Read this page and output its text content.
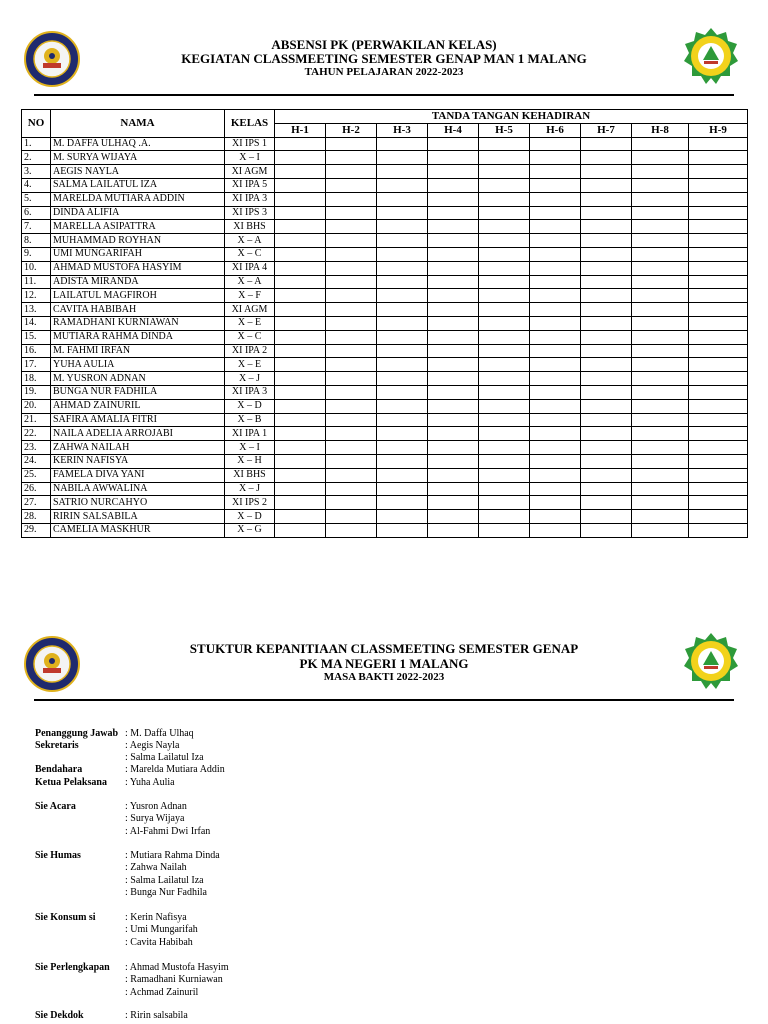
ABSENSI PK (PERWAKILAN KELAS)
KEGIATAN CLASSMEETING SEMESTER GENAP MAN 1 MALANG
TAHUN PELAJARAN 2022-2023
NO	NAMA	KELAS	TANDA TANGAN KEHADIRAN								
			H-1	H-2	H-3	H-4	H-5	H-6	H-7	H-8	H-9
1.	M. DAFFA ULHAQ .A.	XI IPS 1									
2.	M. SURYA WIJAYA	X – I									
3.	AEGIS NAYLA	XI AGM									
4.	SALMA LAILATUL IZA	XI IPA 5									
5.	MARELDA MUTIARA ADDIN	XI IPA 3									
6.	DINDA ALIFIA	XI IPS 3									
7.	MARELLA ASIPATTRA	XI BHS									
8.	MUHAMMAD ROYHAN	X – A									
9.	UMI MUNGARIFAH	X – C									
10.	AHMAD MUSTOFA HASYIM	XI IPA 4									
11.	ADISTA MIRANDA	X – A									
12.	LAILATUL MAGFIROH	X – F									
13.	CAVITA HABIBAH	XI AGM									
14.	RAMADHANI KURNIAWAN	X – E									
15.	MUTIARA RAHMA DINDA	X – C									
16.	M. FAHMI IRFAN	XI IPA 2									
17.	YUHA AULIA	X – E									
18.	M. YUSRON ADNAN	X – J									
19.	BUNGA NUR FADHILA	XI IPA 3									
20.	AHMAD ZAINURIL	X – D									
21.	SAFIRA AMALIA FITRI	X – B									
22.	NAILA ADELIA ARROJABI	XI IPA 1									
23.	ZAHWA NAILAH	X – I									
24.	KERIN NAFISYA	X – H									
25.	FAMELA DIVA YANI	XI BHS									
26.	NABILA AWWALINA	X – J									
27.	SATRIO NURCAHYO	XI IPS 2									
28.	RIRIN SALSABILA	X – D									
29.	CAMELIA MASKHUR	X – G									
STUKTUR KEPANITIAAN CLASSMEETING SEMESTER GENAP
PK MA NEGERI 1 MALANG
MASA BAKTI 2022-2023
Penanggung Jawab : M. Daffa Ulhaq
Sekretaris	: Aegis Nayla
: Salma Lailatul Iza
Bendahara	: Marelda Mutiara Addin
Ketua Pelaksana : Yuha Aulia
Sie Acara	: Yusron Adnan
: Surya Wijaya
: Al-Fahmi Dwi Irfan
Sie Humas	: Mutiara Rahma Dinda
: Zahwa Nailah
: Salma Lailatul Iza
: Bunga Nur Fadhila
Sie Konsum si	: Kerin Nafisya
: Umi Mungarifah
: Cavita Habibah
Sie Perlengkapan : Ahmad Mustofa Hasyim
: Ramadhani Kurniawan
: Achmad Zainuril
Sie Dekdok	: Ririn salsabila
